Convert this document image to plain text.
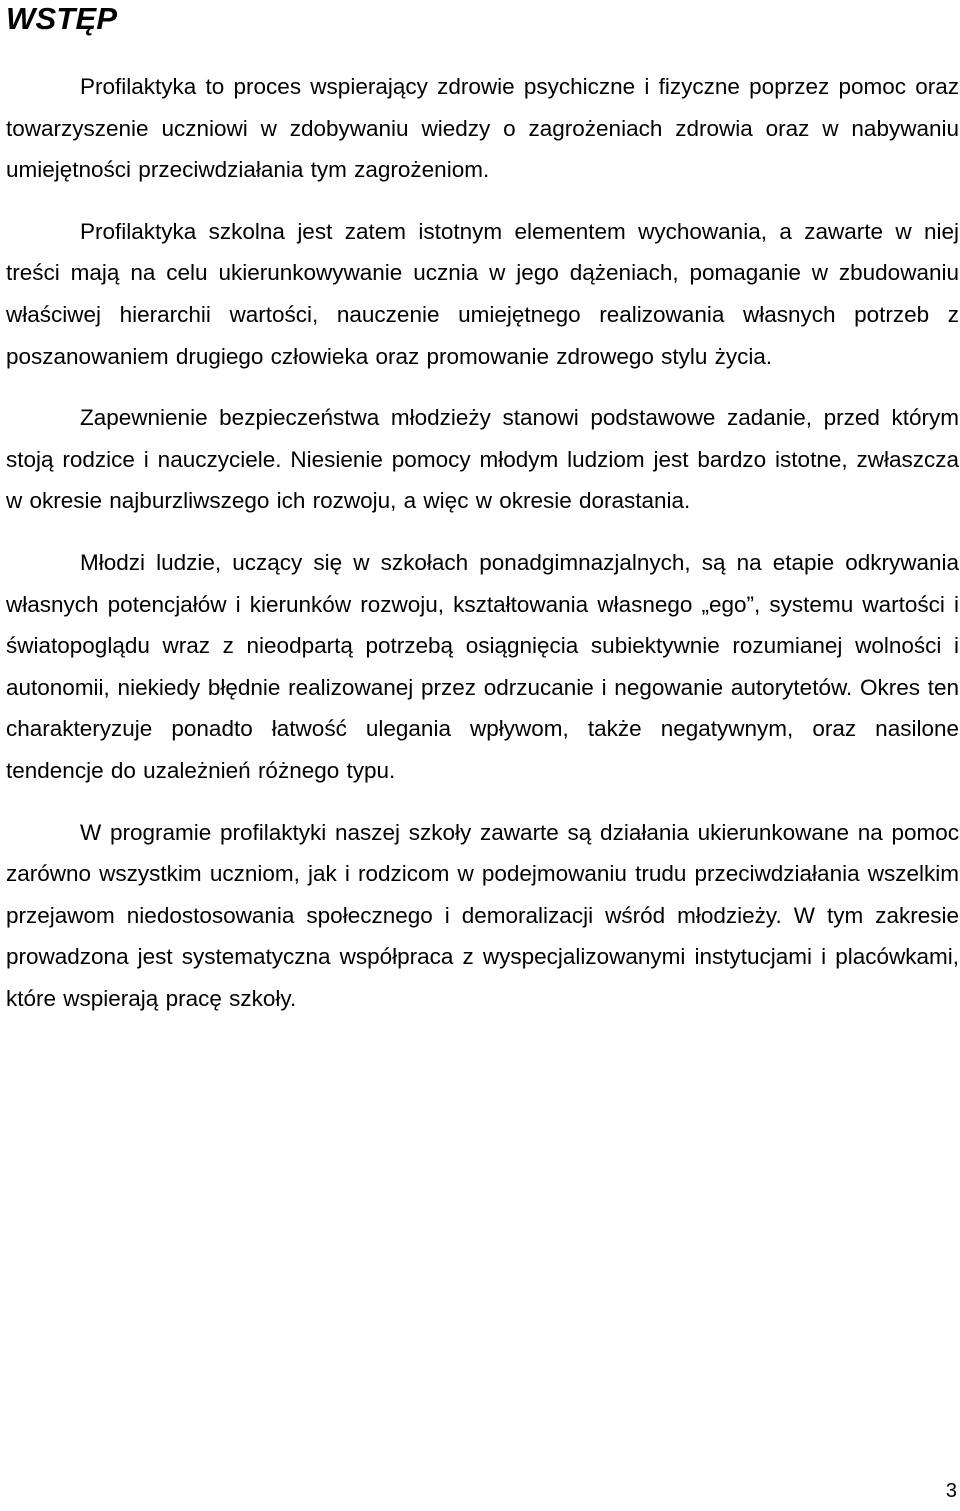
WSTĘP

Profilaktyka to proces wspierający zdrowie psychiczne i fizyczne poprzez pomoc oraz towarzyszenie uczniowi w zdobywaniu wiedzy o zagrożeniach zdrowia oraz w nabywaniu umiejętności przeciwdziałania tym zagrożeniom.

Profilaktyka szkolna jest zatem istotnym elementem wychowania, a zawarte w niej treści mają na celu ukierunkowywanie ucznia w jego dążeniach, pomaganie w zbudowaniu właściwej hierarchii wartości, nauczenie umiejętnego realizowania własnych potrzeb z poszanowaniem drugiego człowieka oraz promowanie zdrowego stylu życia.

Zapewnienie bezpieczeństwa młodzieży stanowi podstawowe zadanie, przed którym stoją rodzice i nauczyciele. Niesienie pomocy młodym ludziom jest bardzo istotne, zwłaszcza w okresie najburzliwszego ich rozwoju, a więc w okresie dorastania.

Młodzi ludzie, uczący się w szkołach ponadgimnazjalnych, są na etapie odkrywania własnych potencjałów i kierunków rozwoju, kształtowania własnego „ego”, systemu wartości i światopoglądu wraz z nieodpartą potrzebą osiągnięcia subiektywnie rozumianej wolności i autonomii, niekiedy błędnie realizowanej przez odrzucanie i negowanie autorytetów. Okres ten charakteryzuje ponadto łatwość ulegania wpływom, także negatywnym, oraz nasilone tendencje do uzależnień różnego typu.

W programie profilaktyki naszej szkoły zawarte są działania ukierunkowane na pomoc zarówno wszystkim uczniom, jak i rodzicom w podejmowaniu trudu przeciwdziałania wszelkim przejawom niedostosowania społecznego i demoralizacji wśród młodzieży. W tym zakresie prowadzona jest systematyczna współpraca z wyspecjalizowanymi instytucjami i placówkami, które wspierają pracę szkoły.

3
